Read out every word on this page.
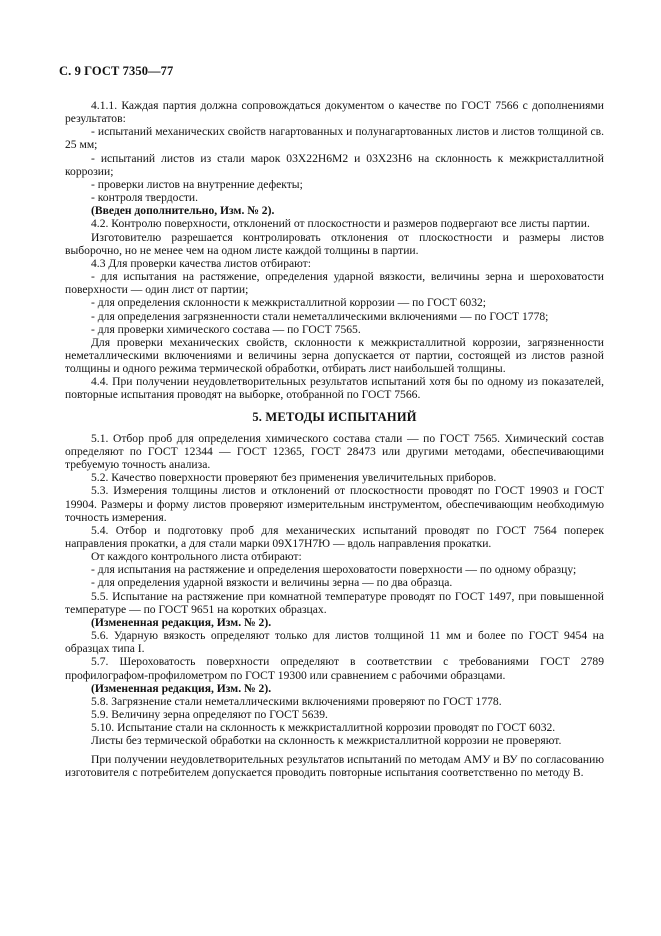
С. 9 ГОСТ 7350—77

4.1.1. Каждая партия должна сопровождаться документом о качестве по ГОСТ 7566 с дополнениями результатов:

- испытаний механических свойств нагартованных и полунагартованных листов и листов толщиной св. 25 мм;

- испытаний листов из стали марок 03Х22Н6М2 и 03Х23Н6 на склонность к межкристаллитной коррозии;

- проверки листов на внутренние дефекты;

- контроля твердости.

(Введен дополнительно, Изм. № 2).

4.2. Контролю поверхности, отклонений от плоскостности и размеров подвергают все листы партии.

Изготовителю разрешается контролировать отклонения от плоскостности и размеры листов выборочно, но не менее чем на одном листе каждой толщины в партии.

4.3 Для проверки качества листов отбирают:

- для испытания на растяжение, определения ударной вязкости, величины зерна и шероховатости поверхности — один лист от партии;

- для определения склонности к межкристаллитной коррозии — по ГОСТ 6032;

- для определения загрязненности стали неметаллическими включениями — по ГОСТ 1778;

- для проверки химического состава — по ГОСТ 7565.

Для проверки механических свойств, склонности к межкристаллитной коррозии, загрязненности неметаллическими включениями и величины зерна допускается от партии, состоящей из листов разной толщины и одного режима термической обработки, отбирать лист наибольшей толщины.

4.4. При получении неудовлетворительных результатов испытаний хотя бы по одному из показателей, повторные испытания проводят на выборке, отобранной по ГОСТ 7566.

5. МЕТОДЫ ИСПЫТАНИЙ

5.1. Отбор проб для определения химического состава стали — по ГОСТ 7565. Химический состав определяют по ГОСТ 12344 — ГОСТ 12365, ГОСТ 28473 или другими методами, обеспечивающими требуемую точность анализа.

5.2. Качество поверхности проверяют без применения увеличительных приборов.

5.3. Измерения толщины листов и отклонений от плоскостности проводят по ГОСТ 19903 и ГОСТ 19904. Размеры и форму листов проверяют измерительным инструментом, обеспечивающим необходимую точность измерения.

5.4. Отбор и подготовку проб для механических испытаний проводят по ГОСТ 7564 поперек направления прокатки, а для стали марки 09Х17Н7Ю — вдоль направления прокатки.

От каждого контрольного листа отбирают:

- для испытания на растяжение и определения шероховатости поверхности — по одному образцу;

- для определения ударной вязкости и величины зерна — по два образца.

5.5. Испытание на растяжение при комнатной температуре проводят по ГОСТ 1497, при повышенной температуре — по ГОСТ 9651 на коротких образцах.

(Измененная редакция, Изм. № 2).

5.6. Ударную вязкость определяют только для листов толщиной 11 мм и более по ГОСТ 9454 на образцах типа I.

5.7. Шероховатость поверхности определяют в соответствии с требованиями ГОСТ 2789 профилографом-профилометром по ГОСТ 19300 или сравнением с рабочими образцами.

(Измененная редакция, Изм. № 2).

5.8. Загрязнение стали неметаллическими включениями проверяют по ГОСТ 1778.

5.9. Величину зерна определяют по ГОСТ 5639.

5.10. Испытание стали на склонность к межкристаллитной коррозии проводят по ГОСТ 6032.

Листы без термической обработки на склонность к межкристаллитной коррозии не проверяют.

При получении неудовлетворительных результатов испытаний по методам АМУ и ВУ по согласованию изготовителя с потребителем допускается проводить повторные испытания соответственно по методу В.
